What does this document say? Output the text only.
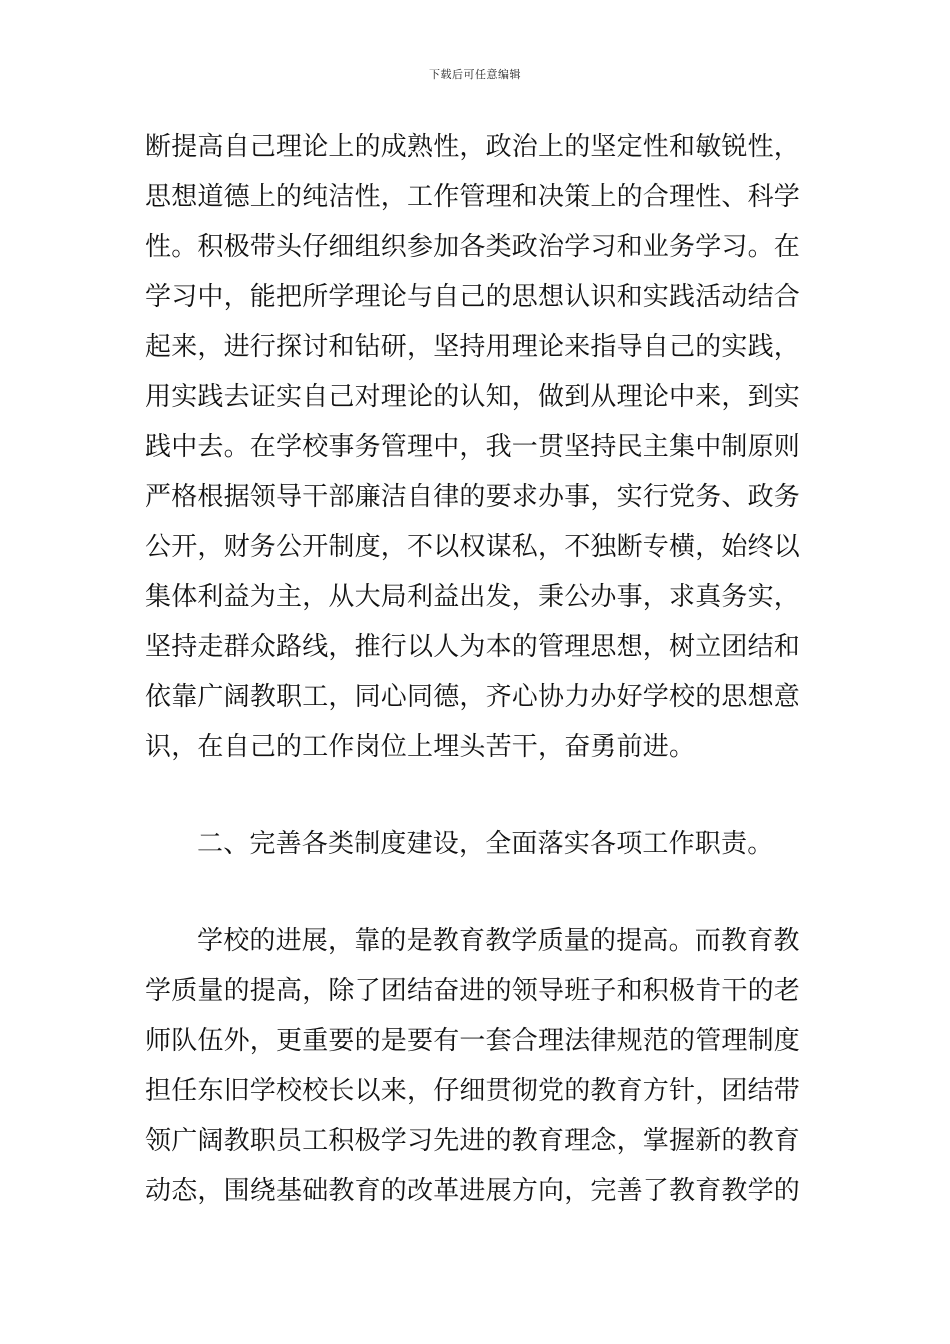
下载后可任意编辑
断提高自己理论上的成熟性，政治上的坚定性和敏锐性，
思想道德上的纯洁性，工作管理和决策上的合理性、科学
性。积极带头仔细组织参加各类政治学习和业务学习。在
学习中，能把所学理论与自己的思想认识和实践活动结合
起来，进行探讨和钻研，坚持用理论来指导自己的实践，
用实践去证实自己对理论的认知，做到从理论中来，到实
践中去。在学校事务管理中，我一贯坚持民主集中制原则
严格根据领导干部廉洁自律的要求办事，实行党务、政务
公开，财务公开制度，不以权谋私，不独断专横，始终以
集体利益为主，从大局利益出发，秉公办事，求真务实，
坚持走群众路线，推行以人为本的管理思想，树立团结和
依靠广阔教职工，同心同德，齐心协力办好学校的思想意
识，在自己的工作岗位上埋头苦干，奋勇前进。
二、完善各类制度建设，全面落实各项工作职责。
学校的进展，靠的是教育教学质量的提高。而教育教
学质量的提高，除了团结奋进的领导班子和积极肯干的老
师队伍外，更重要的是要有一套合理法律规范的管理制度
担任东旧学校校长以来，仔细贯彻党的教育方针，团结带
领广阔教职员工积极学习先进的教育理念，掌握新的教育
动态，围绕基础教育的改革进展方向，完善了教育教学的
